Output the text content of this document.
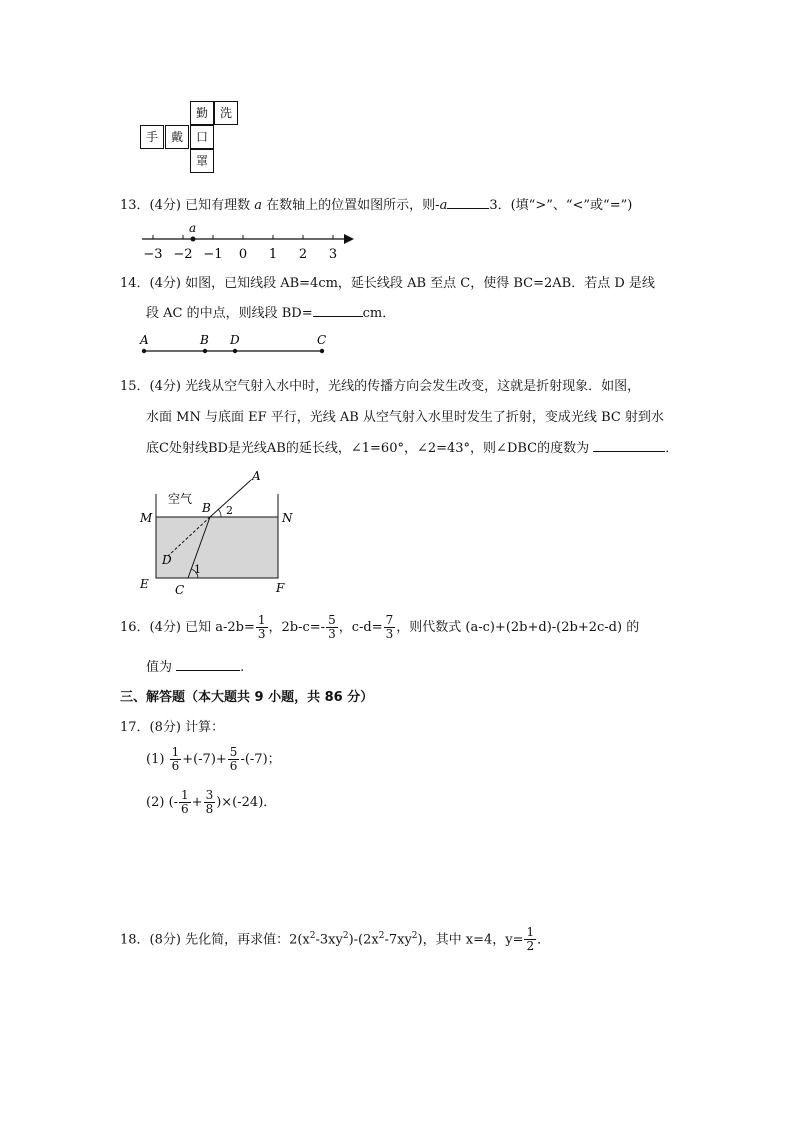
勤 洗
手	戴	口
罩
13．(4分) 已知有理数 a 在数轴上的位置如图所示，则-a	3．(填“>”、“<”或“=”)
−3 −2 −1 0 1 2 3
a
14．(4分) 如图，已知线段 AB=4cm，延长线段 AB 至点 C，使得 BC=2AB．若点 D 是线
段 AC 的中点，则线段 BD=	cm．
A	B D	C
15．(4分) 光线从空气射入水中时，光线的传播方向会发生改变，这就是折射现象．如图，
水面 MN 与底面 EF 平行，光线 AB 从空气射入水里时发生了折射，变成光线 BC 射到水
底C处射线BD是光线AB的延长线，∠1=60°，∠2=43°，则∠DBC的度数为	．
A
空气
M
B 2
N
D
1
E C	F
16．(4分) 已知 $a-2b= \frac{1}{3}$ ，$2b-c=- \frac{5}{3}$ ，$c-d= \frac{7}{3}$ ，则代数式 (a-c)+(2b+d)-(2b+2c-d) 的
值为	.
三、解答题（本大题共 9 小题，共 86 分）
17．(8分) 计算：
$(1) \frac{1}{6} +(-7)+ \frac{5}{6} -(-7)$；
(2) (- $\frac{1}{6} + \frac{3}{8} )\times(-24)$．
18．(8分) 先化简，再求值：$2(x^2-3xy^2)-(2x^2-7xy^2)$，其中 x=4，$y= \frac{1}{2}$ ．
